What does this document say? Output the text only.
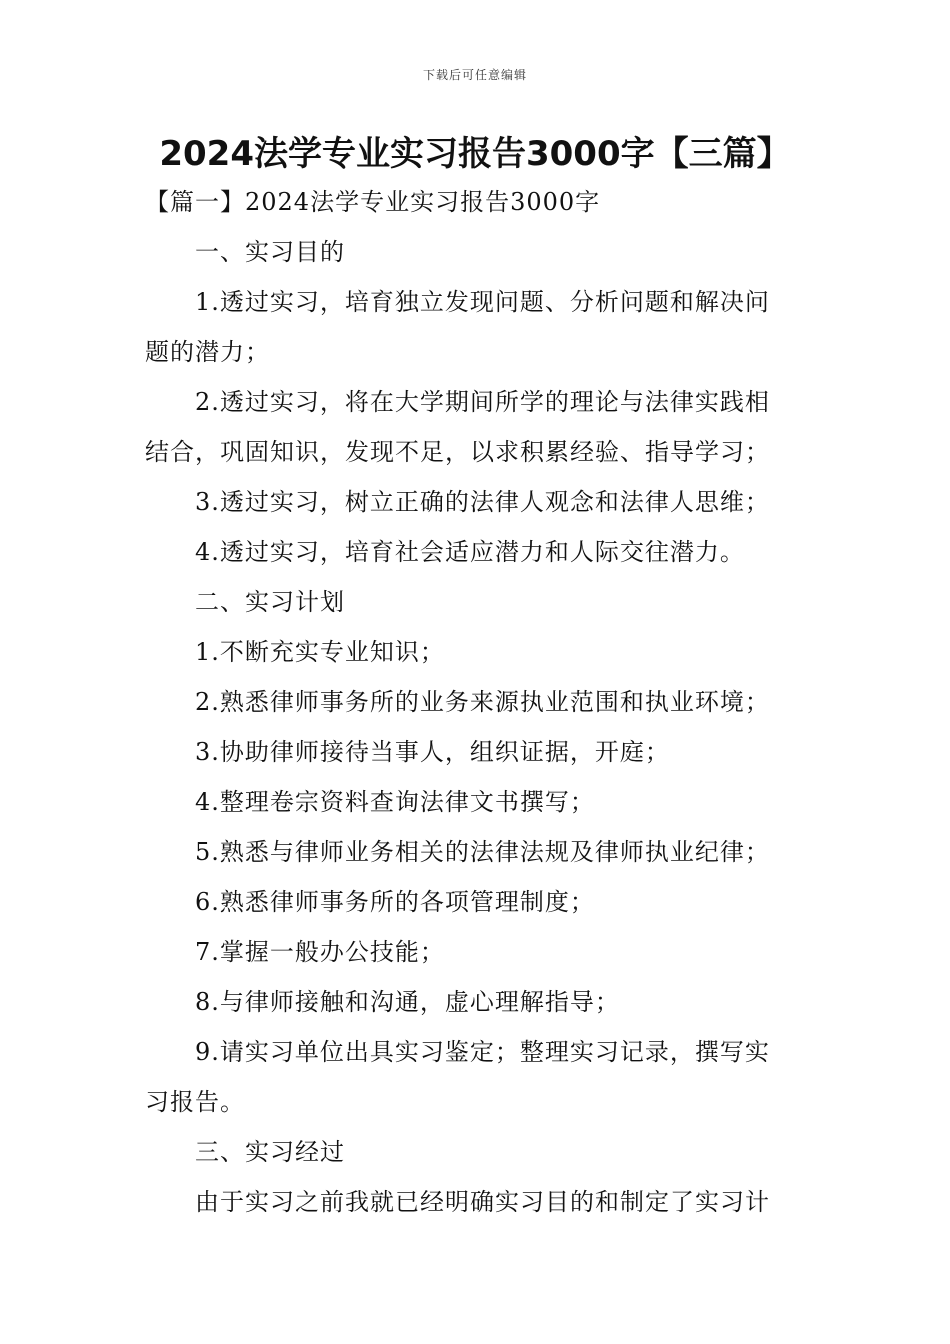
下载后可任意编辑
2024法学专业实习报告3000字【三篇】

【篇一】2024法学专业实习报告3000字

一、实习目的

1.透过实习，培育独立发现问题、分析问题和解决问

题的潜力；

2.透过实习，将在大学期间所学的理论与法律实践相

结合，巩固知识，发现不足，以求积累经验、指导学习；

3.透过实习，树立正确的法律人观念和法律人思维；

4.透过实习，培育社会适应潜力和人际交往潜力。

二、实习计划

1.不断充实专业知识；

2.熟悉律师事务所的业务来源执业范围和执业环境；

3.协助律师接待当事人，组织证据，开庭；

4.整理卷宗资料查询法律文书撰写；

5.熟悉与律师业务相关的法律法规及律师执业纪律；

6.熟悉律师事务所的各项管理制度；

7.掌握一般办公技能；

8.与律师接触和沟通，虚心理解指导；

9.请实习单位出具实习鉴定；整理实习记录，撰写实

习报告。

三、实习经过

由于实习之前我就已经明确实习目的和制定了实习计
